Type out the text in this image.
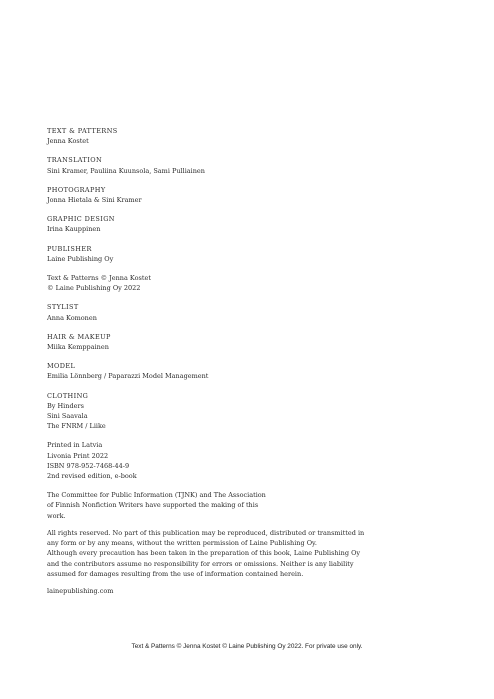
TEXT & PATTERNS
Jenna Kostet
TRANSLATION
Sini Kramer, Pauliina Kuunsola, Sami Pulliainen
PHOTOGRAPHY
Jonna Hietala & Sini Kramer
GRAPHIC DESIGN
Irina Kauppinen
PUBLISHER
Laine Publishing Oy
Text & Patterns © Jenna Kostet
© Laine Publishing Oy 2022
STYLIST
Anna Komonen
HAIR & MAKEUP
Miika Kemppainen
MODEL
Emilia Lönnberg / Paparazzi Model Management
CLOTHING
By Hinders
Sini Saavala
The FNRM / Liike
Printed in Latvia
Livonia Print 2022
ISBN 978-952-7468-44-9
2nd revised edition, e-book
The Committee for Public Information (TJNK) and The Association
of Finnish Nonfiction Writers have supported the making of this
work.
All rights reserved. No part of this publication may be reproduced, distributed or transmitted in
any form or by any means, without the written permission of Laine Publishing Oy.
Although every precaution has been taken in the preparation of this book, Laine Publishing Oy
and the contributors assume no responsibility for errors or omissions. Neither is any liability
assumed for damages resulting from the use of information contained herein.
lainepublishing.com
Text & Patterns © Jenna Kostet © Laine Publishing Oy 2022. For private use only.
